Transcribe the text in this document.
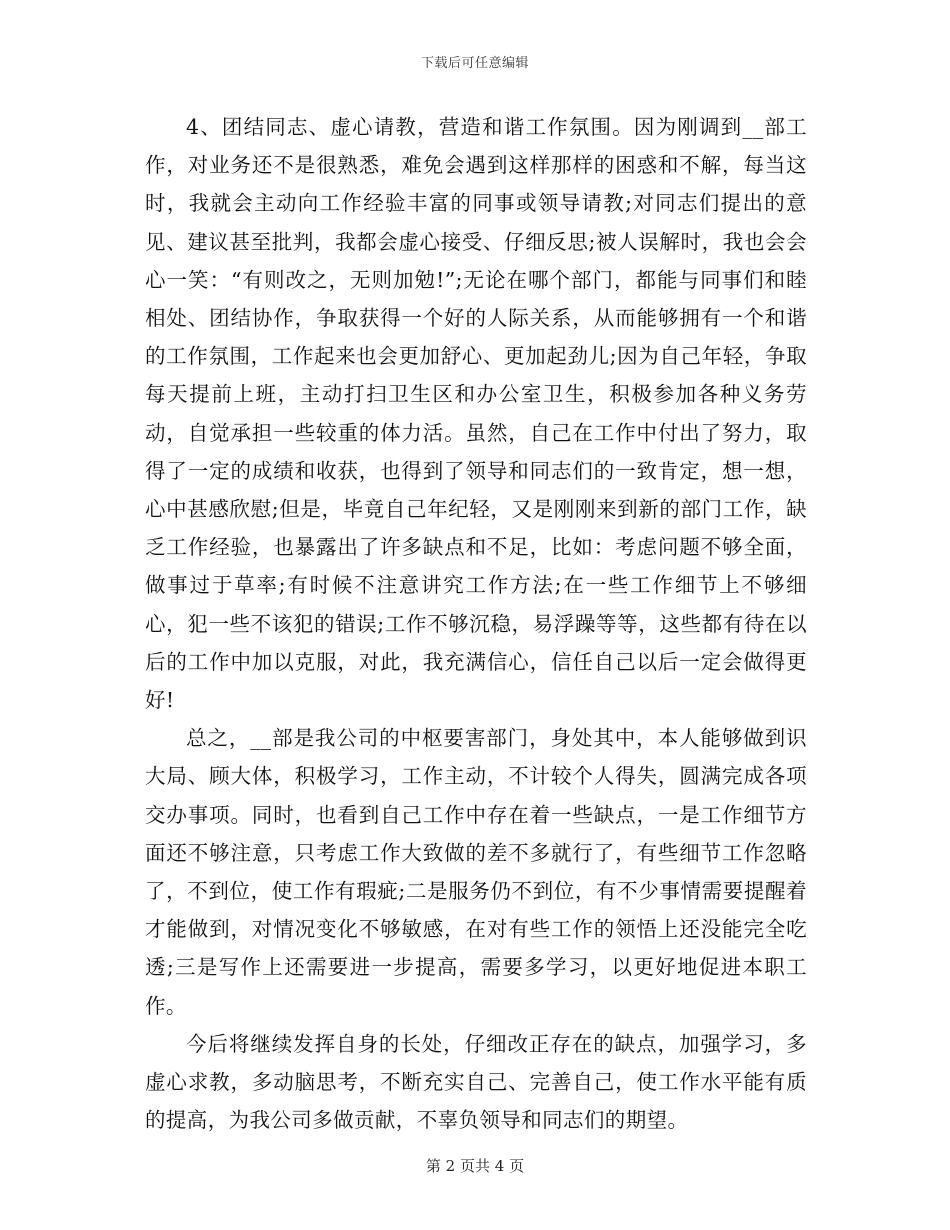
下载后可任意编辑

4、团结同志、虚心请教，营造和谐工作氛围。因为刚调到__部工作，对业务还不是很熟悉，难免会遇到这样那样的困惑和不解，每当这时，我就会主动向工作经验丰富的同事或领导请教;对同志们提出的意见、建议甚至批判，我都会虚心接受、仔细反思;被人误解时，我也会会心一笑：“有则改之，无则加勉!”;无论在哪个部门，都能与同事们和睦相处、团结协作，争取获得一个好的人际关系，从而能够拥有一个和谐的工作氛围，工作起来也会更加舒心、更加起劲儿;因为自己年轻，争取每天提前上班，主动打扫卫生区和办公室卫生，积极参加各种义务劳动，自觉承担一些较重的体力活。虽然，自己在工作中付出了努力，取得了一定的成绩和收获，也得到了领导和同志们的一致肯定，想一想，心中甚感欣慰;但是，毕竟自己年纪轻，又是刚刚来到新的部门工作，缺乏工作经验，也暴露出了许多缺点和不足，比如：考虑问题不够全面，做事过于草率;有时候不注意讲究工作方法;在一些工作细节上不够细心，犯一些不该犯的错误;工作不够沉稳，易浮躁等等，这些都有待在以后的工作中加以克服，对此，我充满信心，信任自己以后一定会做得更好!

总之，__部是我公司的中枢要害部门，身处其中，本人能够做到识大局、顾大体，积极学习，工作主动，不计较个人得失，圆满完成各项交办事项。同时，也看到自己工作中存在着一些缺点，一是工作细节方面还不够注意，只考虑工作大致做的差不多就行了，有些细节工作忽略了，不到位，使工作有瑕疵;二是服务仍不到位，有不少事情需要提醒着才能做到，对情况变化不够敏感，在对有些工作的领悟上还没能完全吃透;三是写作上还需要进一步提高，需要多学习，以更好地促进本职工作。

今后将继续发挥自身的长处，仔细改正存在的缺点，加强学习，多虚心求教，多动脑思考，不断充实自己、完善自己，使工作水平能有质的提高，为我公司多做贡献，不辜负领导和同志们的期望。

第 2 页共 4 页
